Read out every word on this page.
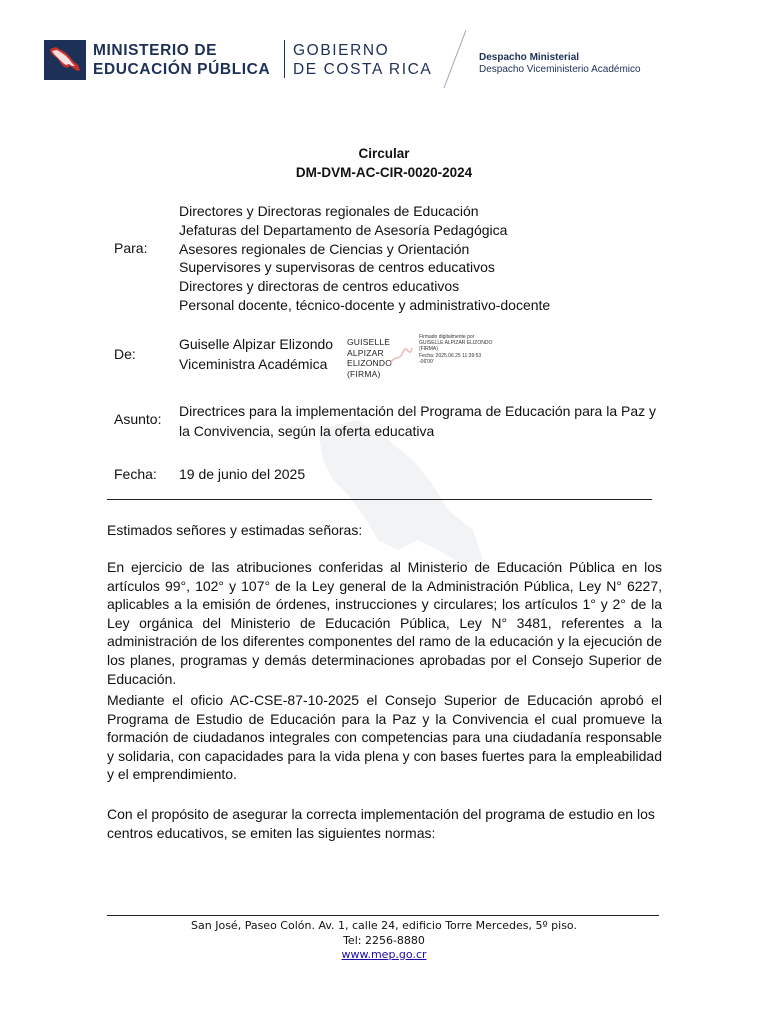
MINISTERIO DE
EDUCACIÓN PÚBLICA
GOBIERNO
DE COSTA RICA
Despacho Ministerial
Despacho Viceministerio Académico
Circular
DM-DVM-AC-CIR-0020-2024
Para:
Directores y Directoras regionales de Educación
Jefaturas del Departamento de Asesoría Pedagógica
Asesores regionales de Ciencias y Orientación
Supervisores y supervisoras de centros educativos
Directores y directoras de centros educativos
Personal docente, técnico-docente y administrativo-docente
De:
Guiselle Alpizar Elizondo
Viceministra Académica
GUISELLE ALPIZAR
ELIZONDO (FIRMA)
Firmado digitalmente por
GUISELLE ALPIZAR ELIZONDO
(FIRMA)
Fecha: 2025.06.25 11:39:53
-06'00'
Asunto: Directrices para la implementación del Programa de Educación para la Paz y la Convivencia, según la oferta educativa
Fecha: 19 de junio del 2025
Estimados señores y estimadas señoras:
En ejercicio de las atribuciones conferidas al Ministerio de Educación Pública en los artículos 99°, 102° y 107° de la Ley general de la Administración Pública, Ley N° 6227, aplicables a la emisión de órdenes, instrucciones y circulares; los artículos 1° y 2° de la Ley orgánica del Ministerio de Educación Pública, Ley N° 3481, referentes a la administración de los diferentes componentes del ramo de la educación y la ejecución de los planes, programas y demás determinaciones aprobadas por el Consejo Superior de Educación.
Mediante el oficio AC-CSE-87-10-2025 el Consejo Superior de Educación aprobó el Programa de Estudio de Educación para la Paz y la Convivencia el cual promueve la formación de ciudadanos integrales con competencias para una ciudadanía responsable y solidaria, con capacidades para la vida plena y con bases fuertes para la empleabilidad y el emprendimiento.
Con el propósito de asegurar la correcta implementación del programa de estudio en los centros educativos, se emiten las siguientes normas:
San José, Paseo Colón. Av. 1, calle 24, edificio Torre Mercedes, 5º piso.
Tel: 2256-8880
www.mep.go.cr
